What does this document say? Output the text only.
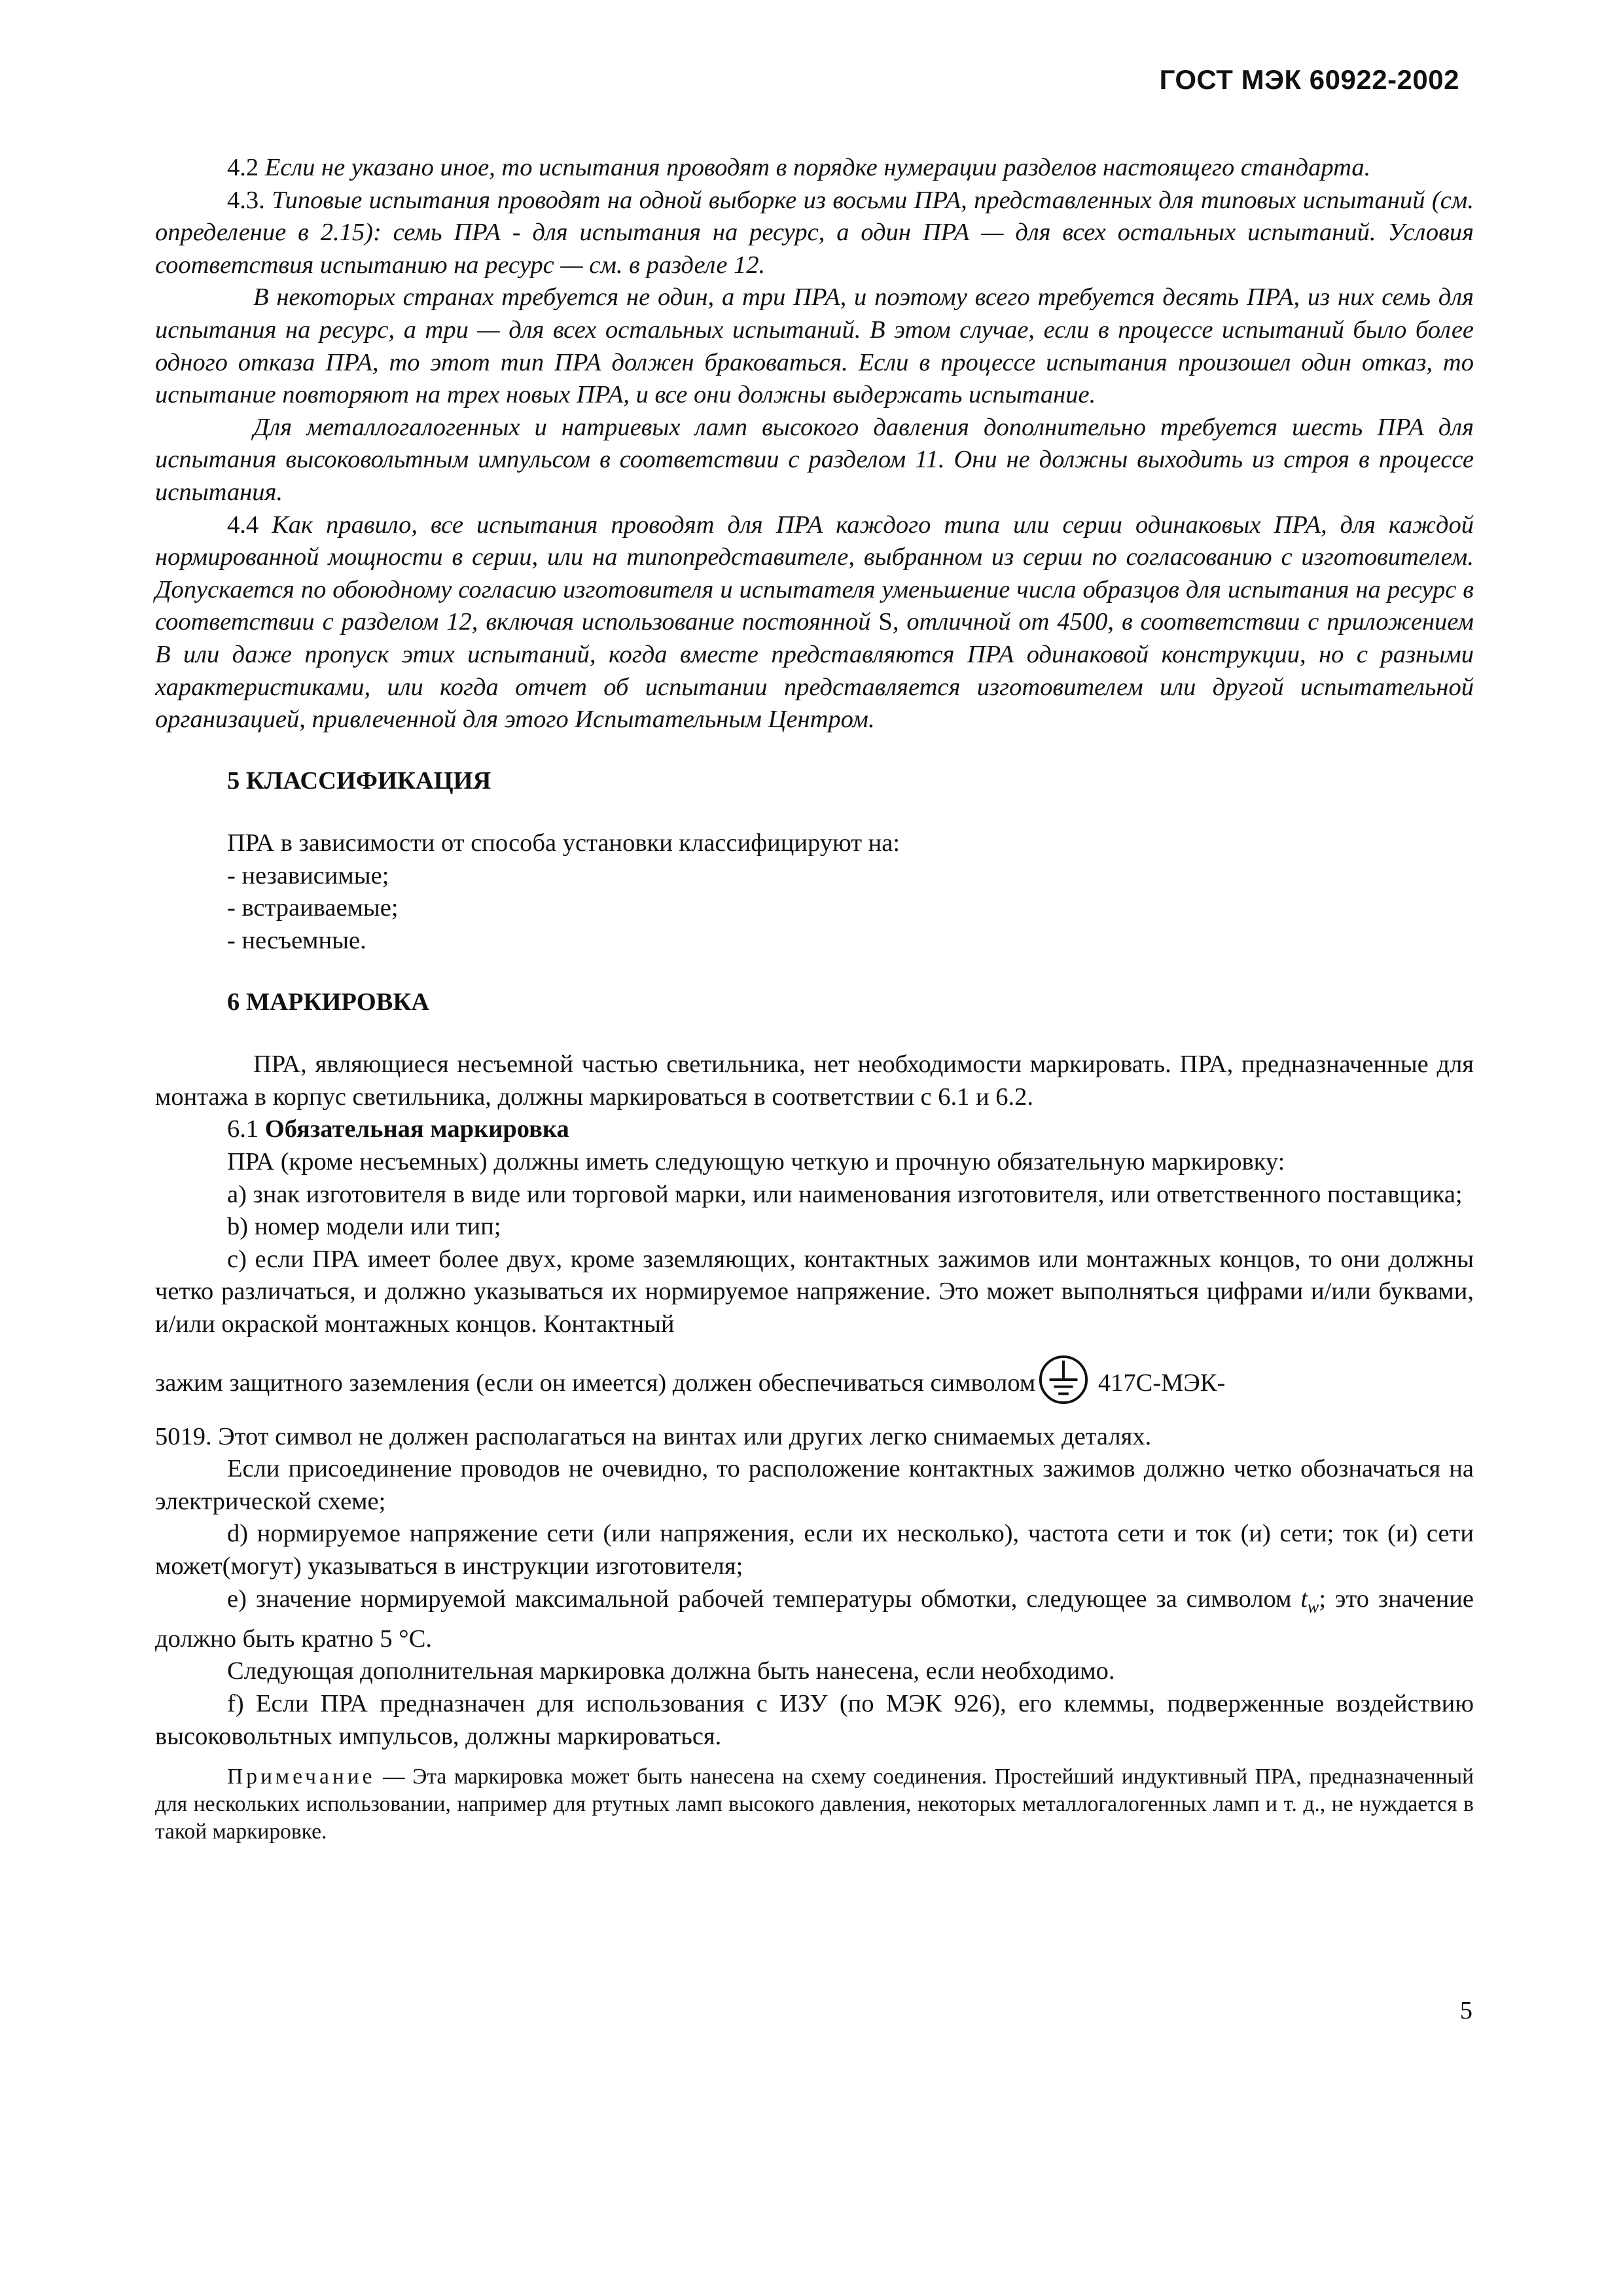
ГОСТ МЭК 60922-2002

4.2 Если не указано иное, то испытания проводят в порядке нумерации разделов настоящего стандарта.

4.3. Типовые испытания проводят на одной выборке из восьми ПРА, представленных для типовых испытаний (см. определение в 2.15): семь ПРА - для испытания на ресурс, а один ПРА — для всех остальных испытаний. Условия соответствия испытанию на ресурс — см. в разделе 12.

В некоторых странах требуется не один, а три ПРА, и поэтому всего требуется десять ПРА, из них семь для испытания на ресурс, а три — для всех остальных испытаний. В этом случае, если в процессе испытаний было более одного отказа ПРА, то этот тип ПРА должен браковаться. Если в процессе испытания произошел один отказ, то испытание повторяют на трех новых ПРА, и все они должны выдержать испытание.

Для металлогалогенных и натриевых ламп высокого давления дополнительно требуется шесть ПРА для испытания высоковольтным импульсом в соответствии с разделом 11. Они не должны выходить из строя в процессе испытания.

4.4 Как правило, все испытания проводят для ПРА каждого типа или серии одинаковых ПРА, для каждой нормированной мощности в серии, или на типопредставителе, выбранном из серии по согласованию с изготовителем. Допускается по обоюдному согласию изготовителя и испытателя уменьшение числа образцов для испытания на ресурс в соответствии с разделом 12, включая использование постоянной S, отличной от 4500, в соответствии с приложением В или даже пропуск этих испытаний, когда вместе представляются ПРА одинаковой конструкции, но с разными характеристиками, или когда отчет об испытании представляется изготовителем или другой испытательной организацией, привлеченной для этого Испытательным Центром.

5 КЛАССИФИКАЦИЯ

ПРА в зависимости от способа установки классифицируют на:

- независимые;

- встраиваемые;

- несъемные.

6 МАРКИРОВКА

ПРА, являющиеся несъемной частью светильника, нет необходимости маркировать. ПРА, предназначенные для монтажа в корпус светильника, должны маркироваться в соответствии с 6.1 и 6.2.

6.1 Обязательная маркировка

ПРА (кроме несъемных) должны иметь следующую четкую и прочную обязательную маркировку:

а) знак изготовителя в виде или торговой марки, или наименования изготовителя, или ответственного поставщика;

b) номер модели или тип;

с) если ПРА имеет более двух, кроме заземляющих, контактных зажимов или монтажных концов, то они должны четко различаться, и должно указываться их нормируемое напряжение. Это может выполняться цифрами и/или буквами, и/или окраской монтажных концов. Контактный

зажим защитного заземления (если он имеется) должен обеспечиваться символом 417С-МЭК-

5019. Этот символ не должен располагаться на винтах или других легко снимаемых деталях.

Если присоединение проводов не очевидно, то расположение контактных зажимов должно четко обозначаться на электрической схеме;

d) нормируемое напряжение сети (или напряжения, если их несколько), частота сети и ток (и) сети; ток (и) сети может(могут) указываться в инструкции изготовителя;

е) значение нормируемой максимальной рабочей температуры обмотки, следующее за символом $t_w$; это значение должно быть кратно 5 °С.

Следующая дополнительная маркировка должна быть нанесена, если необходимо.

f) Если ПРА предназначен для использования с ИЗУ (по МЭК 926), его клеммы, подверженные воздействию высоковольтных импульсов, должны маркироваться.

Примечание — Эта маркировка может быть нанесена на схему соединения. Простейший индуктивный ПРА, предназначенный для нескольких использовании, например для ртутных ламп высокого давления, некоторых металлогалогенных ламп и т. д., не нуждается в такой маркировке.

5
